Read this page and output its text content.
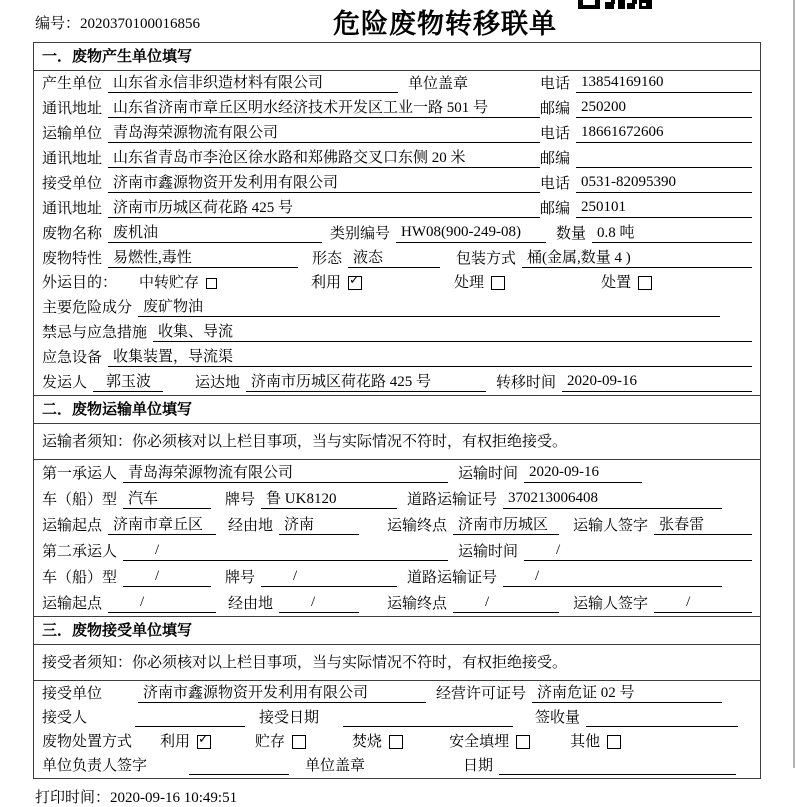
编号：2020370100016856	危险废物转移联单
一．废物产生单位填写
产生单位 山东省永信非织造材料有限公司	单位盖章	电话 13854169160
通讯地址 山东省济南市章丘区明水经济技术开发区工业一路 501 号	邮编 250200
运输单位 青岛海荣源物流有限公司	电话 18661672606
通讯地址 山东省青岛市李沧区徐水路和郑佛路交叉口东侧 20 米	邮编
接受单位 济南市鑫源物资开发利用有限公司	电话 0531-82095390
通讯地址 济南市历城区荷花路 425 号	邮编 250101
废物名称 废机油	类别编号 HW08(900-249-08)	数量 0.8 吨
废物特性 易燃性,毒性	形态 液态	包装方式 桶(金属,数量 4 )
外运目的： 中转贮存	利用 ✓	处理	处置
主要危险成分 废矿物油
禁忌与应急措施 收集、导流
应急设备 收集装置，导流渠
发运人	郭玉波	运达地 济南市历城区荷花路 425 号	转移时间 2020-09-16
二．废物运输单位填写
运输者须知：你必须核对以上栏目事项，当与实际情况不符时，有权拒绝接受。
第一承运人 青岛海荣源物流有限公司	运输时间 2020-09-16
车（船）型 汽车	牌号 鲁 UK8120	道路运输证号 370213006408
运输起点 济南市章丘区	经由地 济南	运输终点 济南市历城区	运输人签字 张春雷
第二承运人	/	运输时间	/
车（船）型	/	牌号	/	道路运输证号	/
运输起点	/	经由地	/	运输终点	/	运输人签字	/
三．废物接受单位填写
接受者须知：你必须核对以上栏目事项，当与实际情况不符时，有权拒绝接受。
接受单位	济南市鑫源物资开发利用有限公司	经营许可证号 济南危证 02 号
接受人	接受日期	签收量
废物处置方式 利用 ✓	贮存	焚烧	安全填埋	其他
单位负责人签字	单位盖章	日期
打印时间：2020-09-16 10:49:51
